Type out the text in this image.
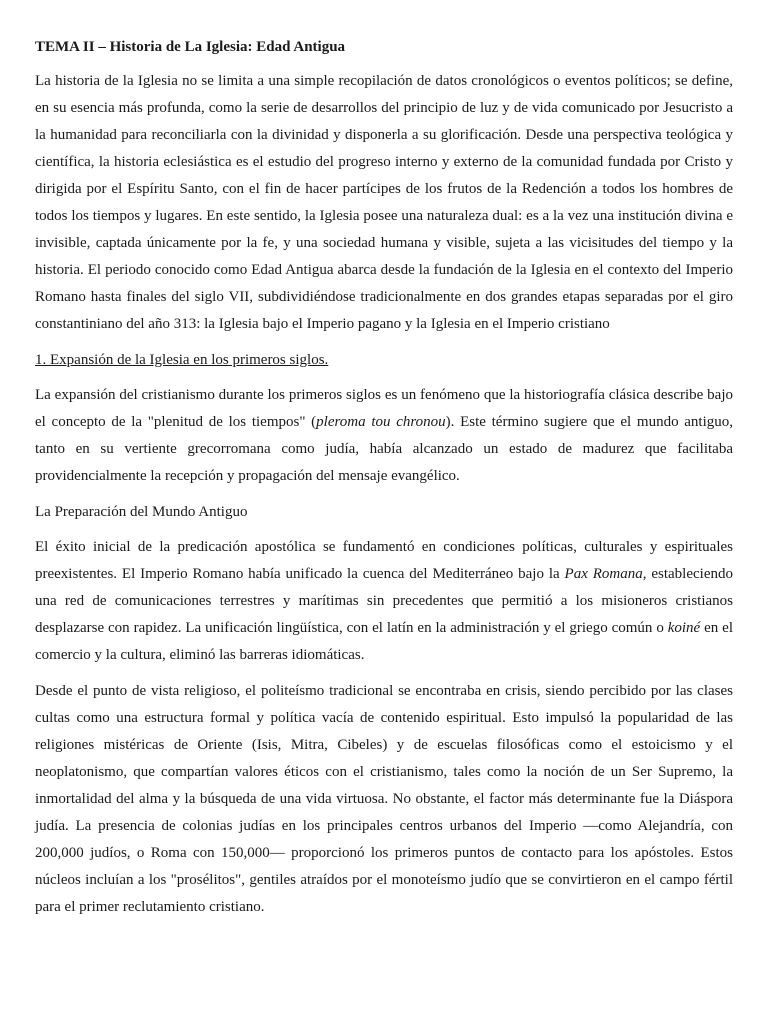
TEMA II – Historia de La Iglesia: Edad Antigua

La historia de la Iglesia no se limita a una simple recopilación de datos cronológicos o eventos políticos; se define, en su esencia más profunda, como la serie de desarrollos del principio de luz y de vida comunicado por Jesucristo a la humanidad para reconciliarla con la divinidad y disponerla a su glorificación. Desde una perspectiva teológica y científica, la historia eclesiástica es el estudio del progreso interno y externo de la comunidad fundada por Cristo y dirigida por el Espíritu Santo, con el fin de hacer partícipes de los frutos de la Redención a todos los hombres de todos los tiempos y lugares. En este sentido, la Iglesia posee una naturaleza dual: es a la vez una institución divina e invisible, captada únicamente por la fe, y una sociedad humana y visible, sujeta a las vicisitudes del tiempo y la historia. El periodo conocido como Edad Antigua abarca desde la fundación de la Iglesia en el contexto del Imperio Romano hasta finales del siglo VII, subdividiéndose tradicionalmente en dos grandes etapas separadas por el giro constantiniano del año 313: la Iglesia bajo el Imperio pagano y la Iglesia en el Imperio cristiano

1. Expansión de la Iglesia en los primeros siglos.

La expansión del cristianismo durante los primeros siglos es un fenómeno que la historiografía clásica describe bajo el concepto de la "plenitud de los tiempos" (pleroma tou chronou). Este término sugiere que el mundo antiguo, tanto en su vertiente grecorromana como judía, había alcanzado un estado de madurez que facilitaba providencialmente la recepción y propagación del mensaje evangélico.

La Preparación del Mundo Antiguo

El éxito inicial de la predicación apostólica se fundamentó en condiciones políticas, culturales y espirituales preexistentes. El Imperio Romano había unificado la cuenca del Mediterráneo bajo la Pax Romana, estableciendo una red de comunicaciones terrestres y marítimas sin precedentes que permitió a los misioneros cristianos desplazarse con rapidez. La unificación lingüística, con el latín en la administración y el griego común o koiné en el comercio y la cultura, eliminó las barreras idiomáticas.

Desde el punto de vista religioso, el politeísmo tradicional se encontraba en crisis, siendo percibido por las clases cultas como una estructura formal y política vacía de contenido espiritual. Esto impulsó la popularidad de las religiones mistéricas de Oriente (Isis, Mitra, Cibeles) y de escuelas filosóficas como el estoicismo y el neoplatonismo, que compartían valores éticos con el cristianismo, tales como la noción de un Ser Supremo, la inmortalidad del alma y la búsqueda de una vida virtuosa. No obstante, el factor más determinante fue la Diáspora judía. La presencia de colonias judías en los principales centros urbanos del Imperio —como Alejandría, con 200,000 judíos, o Roma con 150,000— proporcionó los primeros puntos de contacto para los apóstoles. Estos núcleos incluían a los "prosélitos", gentiles atraídos por el monoteísmo judío que se convirtieron en el campo fértil para el primer reclutamiento cristiano.
